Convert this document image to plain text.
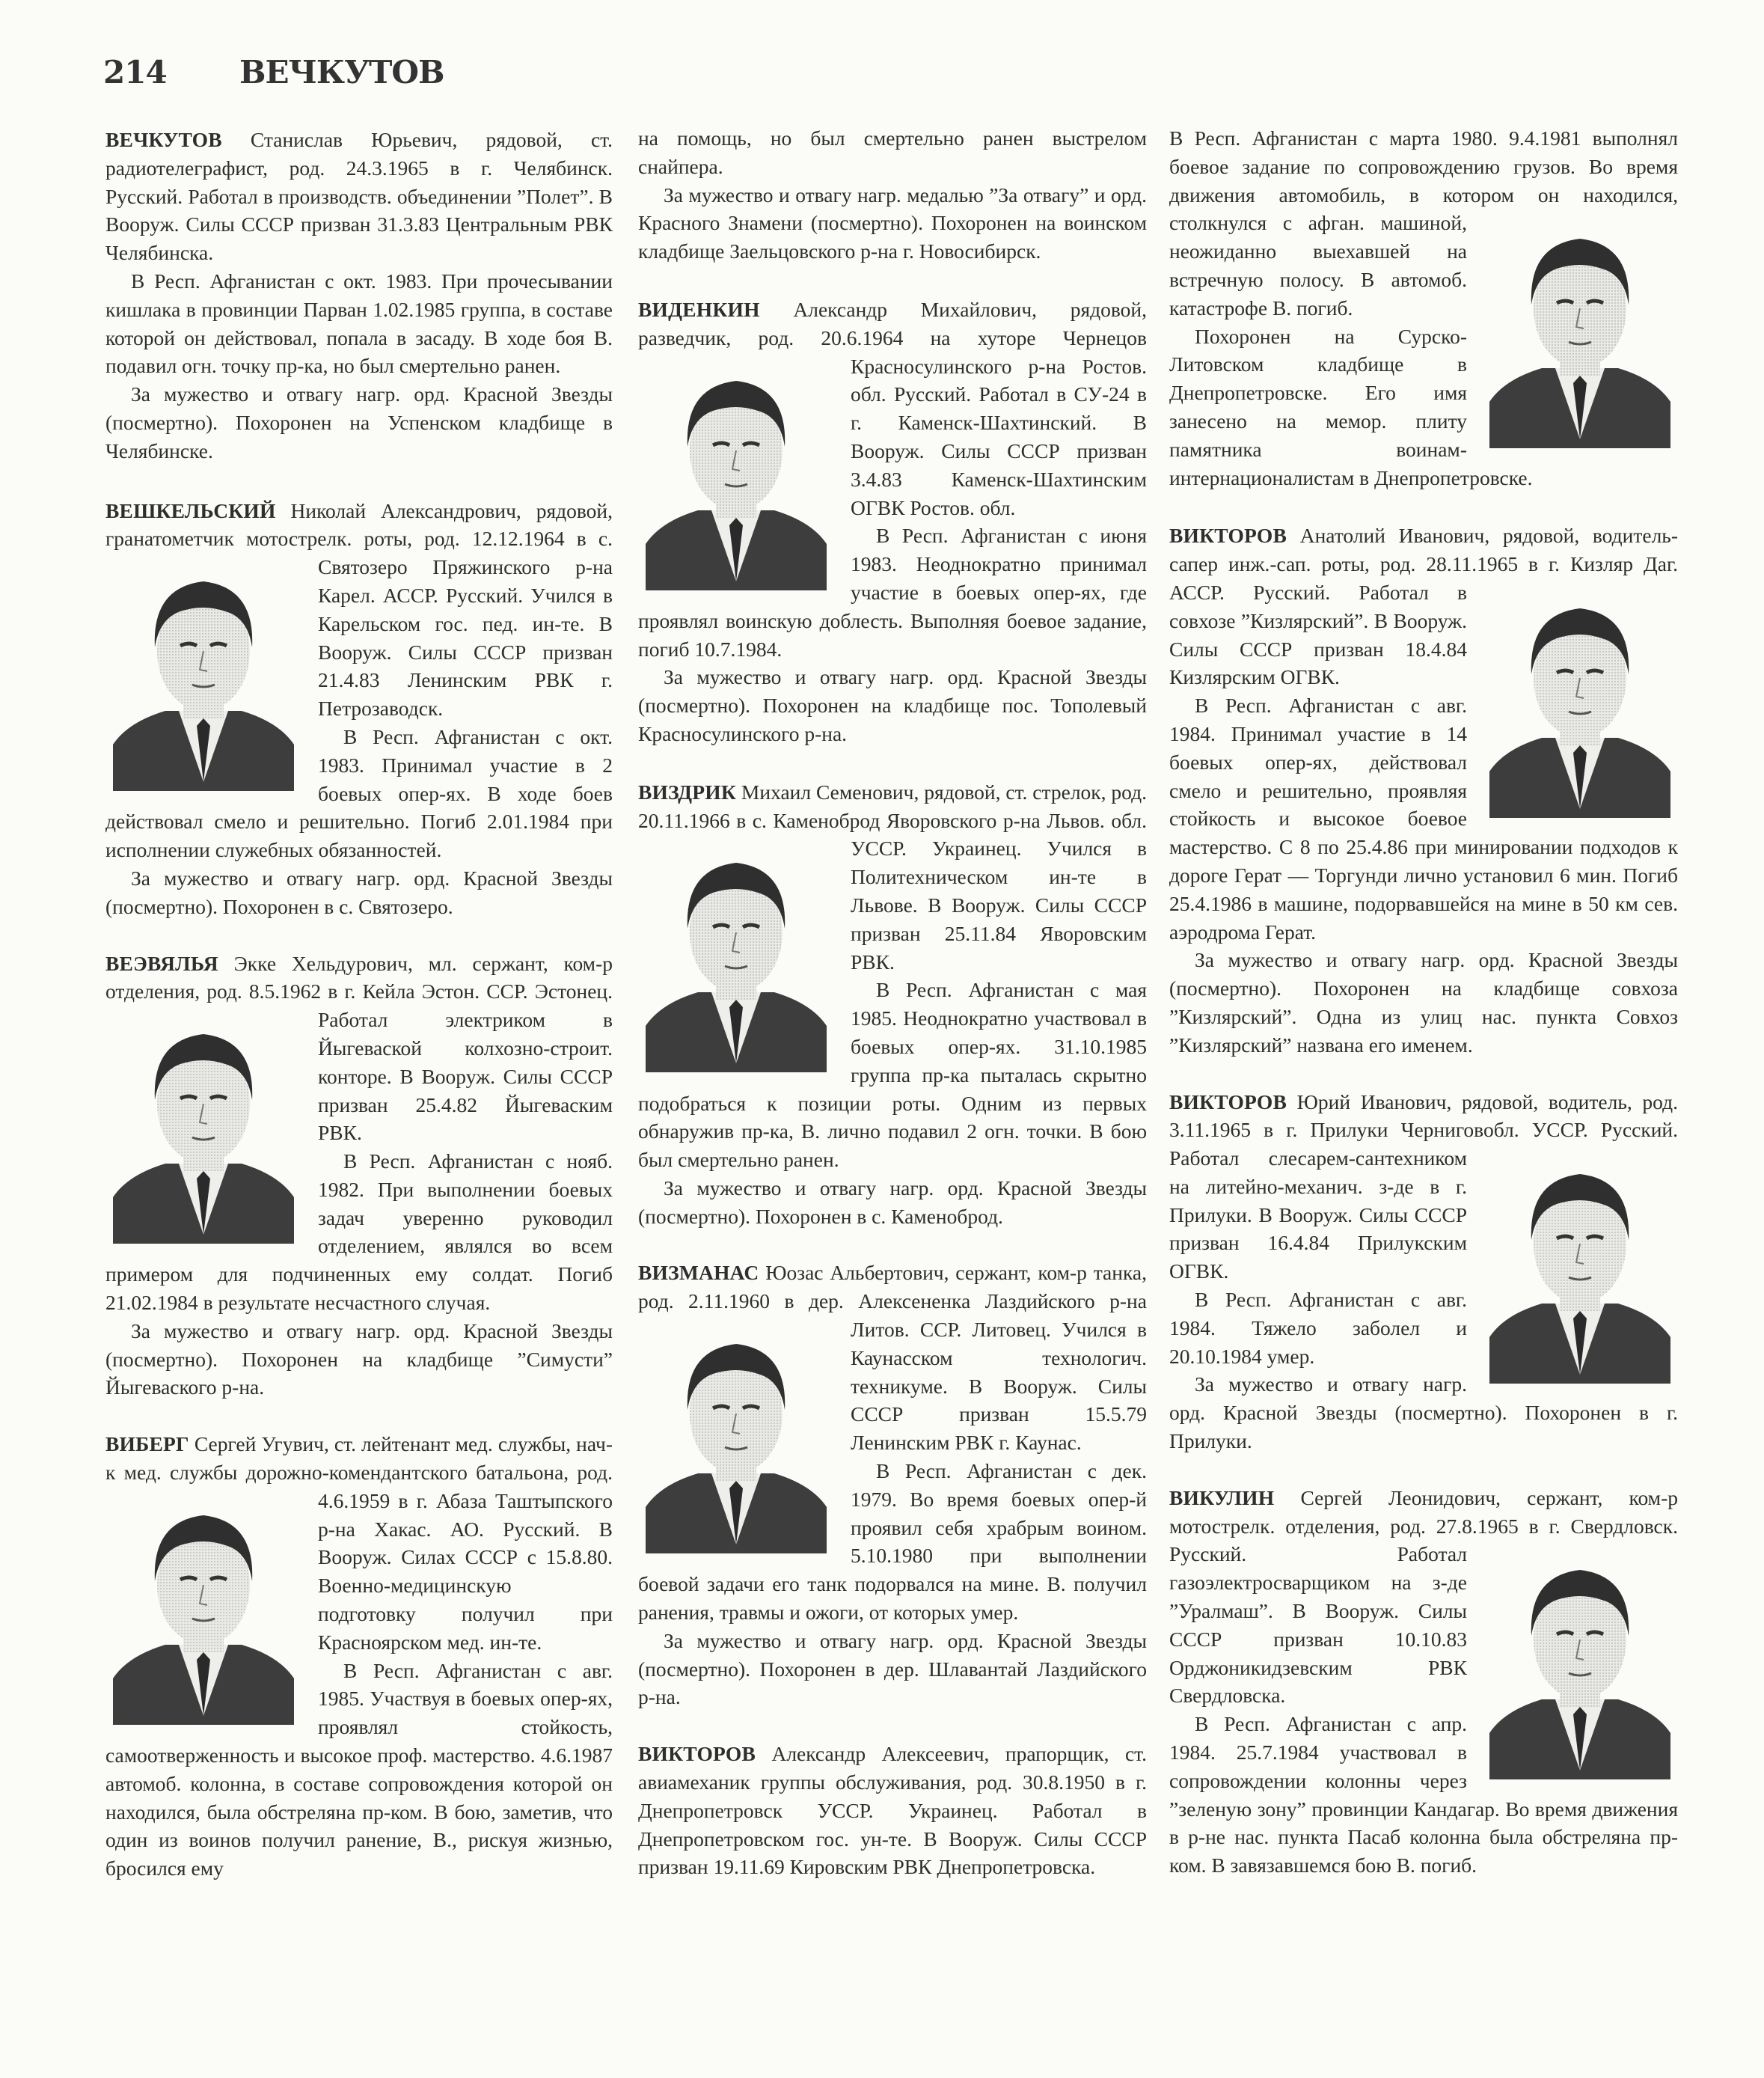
214 ВЕЧКУТОВ

ВЕЧКУТОВ Станислав Юрьевич, рядовой, ст. радиотелеграфист, род. 24.3.1965 в г. Челябинск. Русский. Работал в производств. объединении ”Полет”. В Вооруж. Силы СССР призван 31.3.83 Центральным РВК Челябинска.

В Респ. Афганистан с окт. 1983. При прочесывании кишлака в провинции Парван 1.02.1985 группа, в составе которой он действовал, попала в засаду. В ходе боя В. подавил огн. точку пр-ка, но был смертельно ранен.

За мужество и отвагу нагр. орд. Красной Звезды (посмертно). Похоронен на Успенском кладбище в Челябинске.

ВЕШКЕЛЬСКИЙ Николай Александрович, рядовой, гранатометчик мотострелк. роты, род. 12.12.1964
в с. Святозеро Пряжинского р-на Карел. АССР. Русский. Учился в Карельском гос. пед. ин-те. В Вооруж. Силы СССР призван 21.4.83 Ленинским РВК г. Петрозаводск.

В Респ. Афганистан с окт. 1983. Принимал участие в 2 боевых опер-ях. В ходе боев действовал смело и решительно. Погиб 2.01.1984 при исполнении служебных обязанностей.

За мужество и отвагу нагр. орд. Красной Звезды (посмертно). Похоронен в с. Святозеро.

ВЕЭВЯЛЬЯ Экке Хельдурович, мл. сержант, ком-р отделения, род. 8.5.1962 в г. Кейла Эстон.
ССР. Эстонец. Работал электриком в Йыгеваской колхозно-строит. конторе. В Вооруж. Силы СССР призван 25.4.82 Йыгеваским РВК.

В Респ. Афганистан с нояб. 1982. При выполнении боевых задач уверенно руководил отделением, являлся во всем примером для подчиненных ему солдат. Погиб 21.02.1984 в результате несчастного случая.

За мужество и отвагу нагр. орд. Красной Звезды (посмертно). Похоронен на кладбище ”Симусти” Йыгеваского р-на.

ВИБЕРГ Сергей Угувич, ст. лейтенант мед. службы, нач-к мед. службы дорожно-комендантского
батальона, род. 4.6.1959 в г. Абаза Таштыпского р-на Хакас. АО. Русский. В Вооруж. Силах СССР с 15.8.80. Военно-медицинскую подготовку получил при Красноярском мед. ин-те.

В Респ. Афганистан с авг. 1985. Участвуя в боевых опер-ях, проявлял стойкость, самоотверженность и высокое проф. мастерство. 4.6.1987 автомоб. колонна, в составе сопровождения которой он находился, была обстреляна пр-ком. В бою, заметив, что один из воинов получил ранение, В., рискуя жизнью, бросился ему

на помощь, но был смертельно ранен выстрелом снайпера.

За мужество и отвагу нагр. медалью ”За отвагу” и орд. Красного Знамени (посмертно). Похоронен на воинском кладбище Заельцовского р-на г. Новосибирск.

ВИДЕНКИН Александр Михайлович, рядовой, разведчик, род. 20.6.1964 на хуторе Чернецов Красносулинского
р-на Ростов. обл. Русский. Работал в СУ-24 в г. Каменск-Шахтинский. В Вооруж. Силы СССР призван 3.4.83 Каменск-Шахтинским ОГВК Ростов. обл.

В Респ. Афганистан с июня 1983. Неоднократно принимал участие в боевых опер-ях, где проявлял воинскую доблесть. Выполняя боевое задание, погиб 10.7.1984.

За мужество и отвагу нагр. орд. Красной Звезды (посмертно). Похоронен на кладбище пос. Тополевый Красносулинского р-на.

ВИЗДРИК Михаил Семенович, рядовой, ст. стрелок, род. 20.11.1966 в с. Каменоброд Яворовского
р-на Львов. обл. УССР. Украинец. Учился в Политехническом ин-те в Львове. В Вооруж. Силы СССР призван 25.11.84 Яворовским РВК.

В Респ. Афганистан с мая 1985. Неоднократно участвовал в боевых опер-ях. 31.10.1985 группа пр-ка пыталась скрытно подобраться к позиции роты. Одним из первых обнаружив пр-ка, В. лично подавил 2 огн. точки. В бою был смертельно ранен.

За мужество и отвагу нагр. орд. Красной Звезды (посмертно). Похоронен в с. Каменоброд.

ВИЗМАНАС Юозас Альбертович, сержант, ком-р танка, род. 2.11.1960 в дер. Алексененка Лаздийского
р-на Литов. ССР. Литовец. Учился в Каунасском технологич. техникуме. В Вооруж. Силы СССР призван 15.5.79 Ленинским РВК г. Каунас.

В Респ. Афганистан с дек. 1979. Во время боевых опер-й проявил себя храбрым воином. 5.10.1980 при выполнении боевой задачи его танк подорвался на мине. В. получил ранения, травмы и ожоги, от которых умер.

За мужество и отвагу нагр. орд. Красной Звезды (посмертно). Похоронен в дер. Шлавантай Лаздийского р-на.

ВИКТОРОВ Александр Алексеевич, прапорщик, ст. авиамеханик группы обслуживания, род. 30.8.1950 в г. Днепропетровск УССР. Украинец. Работал в Днепропетровском гос. ун-те. В Вооруж. Силы СССР призван 19.11.69 Кировским РВК Днепропетровска.

В Респ. Афганистан с марта 1980. 9.4.1981 выполнял боевое задание по сопровождению грузов. Во время движения автомобиль, в котором он
находился, столкнулся с афган. машиной, неожиданно выехавшей на встречную полосу. В автомоб. катастрофе В. погиб.

Похоронен на Сурско-Литовском кладбище в Днепропетровске. Его имя занесено на мемор. плиту памятника воинам-интернационалистам в Днепропетровске.

ВИКТОРОВ Анатолий Иванович, рядовой, водитель-сапер инж.-сап. роты, род. 28.11.1965 в г.
Кизляр Даг. АССР. Русский. Работал в совхозе ”Кизлярский”. В Вооруж. Силы СССР призван 18.4.84 Кизлярским ОГВК.

В Респ. Афганистан с авг. 1984. Принимал участие в 14 боевых опер-ях, действовал смело и решительно, проявляя стойкость и высокое боевое мастерство. С 8 по 25.4.86 при минировании подходов к дороге Герат — Торгунди лично установил 6 мин. Погиб 25.4.1986 в машине, подорвавшейся на мине в 50 км сев. аэродрома Герат.

За мужество и отвагу нагр. орд. Красной Звезды (посмертно). Похоронен на кладбище совхоза ”Кизлярский”. Одна из улиц нас. пункта Совхоз ”Кизлярский” названа его именем.

ВИКТОРОВ Юрий Иванович, рядовой, водитель, род. 3.11.1965 в г. Прилуки Черниговобл. УССР.
Русский. Работал слесарем-сантехником на литейно-механич. з-де в г. Прилуки. В Вооруж. Силы СССР призван 16.4.84 Прилукским ОГВК.

В Респ. Афганистан с авг. 1984. Тяжело заболел и 20.10.1984 умер.

За мужество и отвагу нагр. орд. Красной Звезды (посмертно). Похоронен в г. Прилуки.

ВИКУЛИН Сергей Леонидович, сержант, ком-р мотострелк. отделения, род. 27.8.1965 в г. Свердловск.
Русский. Работал газоэлектросварщиком на з-де ”Уралмаш”. В Вооруж. Силы СССР призван 10.10.83 Орджоникидзевским РВК Свердловска.

В Респ. Афганистан с апр. 1984. 25.7.1984 участвовал в сопровождении колонны через ”зеленую зону” провинции Кандагар. Во время движения в р-не нас. пункта Пасаб колонна была обстреляна пр-ком. В завязавшемся бою В. погиб.
